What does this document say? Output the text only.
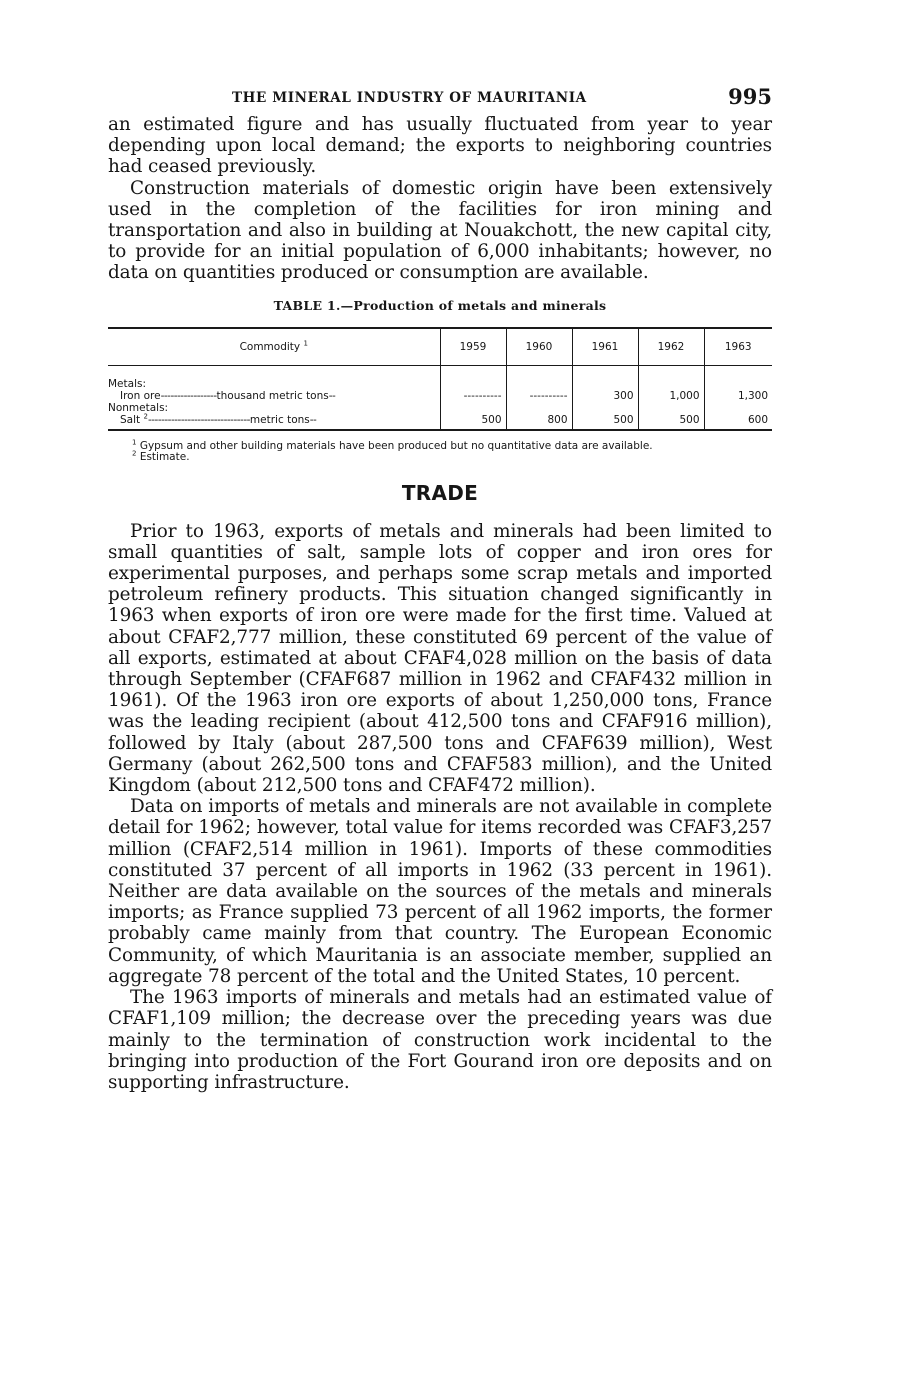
THE MINERAL INDUSTRY OF MAURITANIA	995

an estimated figure and has usually fluctuated from year to year depending upon local demand; the exports to neighboring countries had ceased previously.

Construction materials of domestic origin have been extensively used in the completion of the facilities for iron mining and transportation and also in building at Nouakchott, the new capital city, to provide for an initial population of 6,000 inhabitants; however, no data on quantities produced or consumption are available.

TABLE 1.—Production of metals and minerals
Commodity $^1$	1959	1960	1961	1962	1963
Metals:					
Iron ore-----------------thousand metric tons--	----------	----------	300	1,000	1,300
Nonmetals:					
Salt $^2$-------------------------------metric tons--	500	800	500	500	600
$^1$ Gypsum and other building materials have been produced but no quantitative data are available.
$^2$ Estimate.
TRADE

Prior to 1963, exports of metals and minerals had been limited to small quantities of salt, sample lots of copper and iron ores for experimental purposes, and perhaps some scrap metals and imported petroleum refinery products. This situation changed significantly in 1963 when exports of iron ore were made for the first time. Valued at about CFAF2,777 million, these constituted 69 percent of the value of all exports, estimated at about CFAF4,028 million on the basis of data through September (CFAF687 million in 1962 and CFAF432 million in 1961). Of the 1963 iron ore exports of about 1,250,000 tons, France was the leading recipient (about 412,500 tons and CFAF916 million), followed by Italy (about 287,500 tons and CFAF639 million), West Germany (about 262,500 tons and CFAF583 million), and the United Kingdom (about 212,500 tons and CFAF472 million).

Data on imports of metals and minerals are not available in complete detail for 1962; however, total value for items recorded was CFAF3,257 million (CFAF2,514 million in 1961). Imports of these commodities constituted 37 percent of all imports in 1962 (33 percent in 1961). Neither are data available on the sources of the metals and minerals imports; as France supplied 73 percent of all 1962 imports, the former probably came mainly from that country. The European Economic Community, of which Mauritania is an associate member, supplied an aggregate 78 percent of the total and the United States, 10 percent.

The 1963 imports of minerals and metals had an estimated value of CFAF1,109 million; the decrease over the preceding years was due mainly to the termination of construction work incidental to the bringing into production of the Fort Gourand iron ore deposits and on supporting infrastructure.
